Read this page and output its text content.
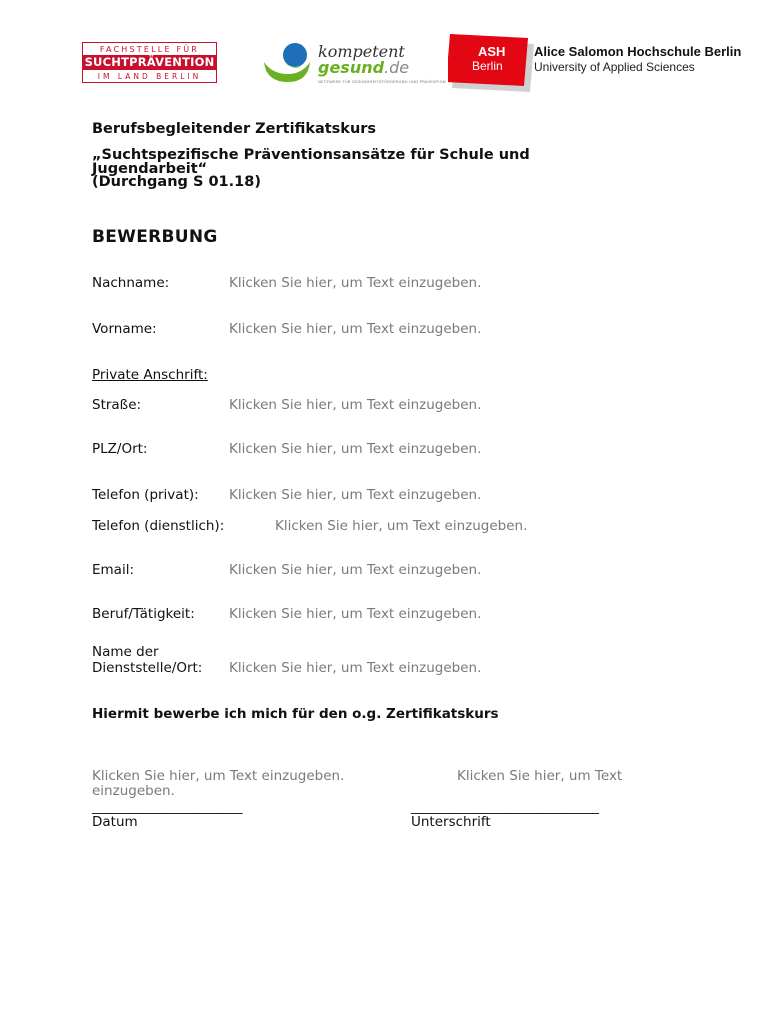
FACHSTELLE FÜR
SUCHTPRÄVENTION
IM LAND BERLIN
kompetent
gesund.de
NETZWERK FÜR GESUNDHEITSFÖRDERUNG UND PRÄVENTION
ASH
Berlin
Alice Salomon Hochschule Berlin
University of Applied Sciences
Berufsbegleitender Zertifikatskurs
„Suchtspezifische Präventionsansätze für Schule und
Jugendarbeit“
(Durchgang S 01.18)
BEWERBUNG
Nachname:	Klicken Sie hier, um Text einzugeben.
Vorname:	Klicken Sie hier, um Text einzugeben.
Private Anschrift:
Straße:	Klicken Sie hier, um Text einzugeben.
PLZ/Ort:	Klicken Sie hier, um Text einzugeben.
Telefon (privat): Klicken Sie hier, um Text einzugeben.
Telefon (dienstlich):	Klicken Sie hier, um Text einzugeben.
Email:	Klicken Sie hier, um Text einzugeben.
Beruf/Tätigkeit:	Klicken Sie hier, um Text einzugeben.
Name der
Dienststelle/Ort: Klicken Sie hier, um Text einzugeben.
Hiermit bewerbe ich mich für den o.g. Zertifikatskurs
Klicken Sie hier, um Text einzugeben.	Klicken Sie hier, um Text
einzugeben.
________________________	______________________________
Datum	Unterschrift
